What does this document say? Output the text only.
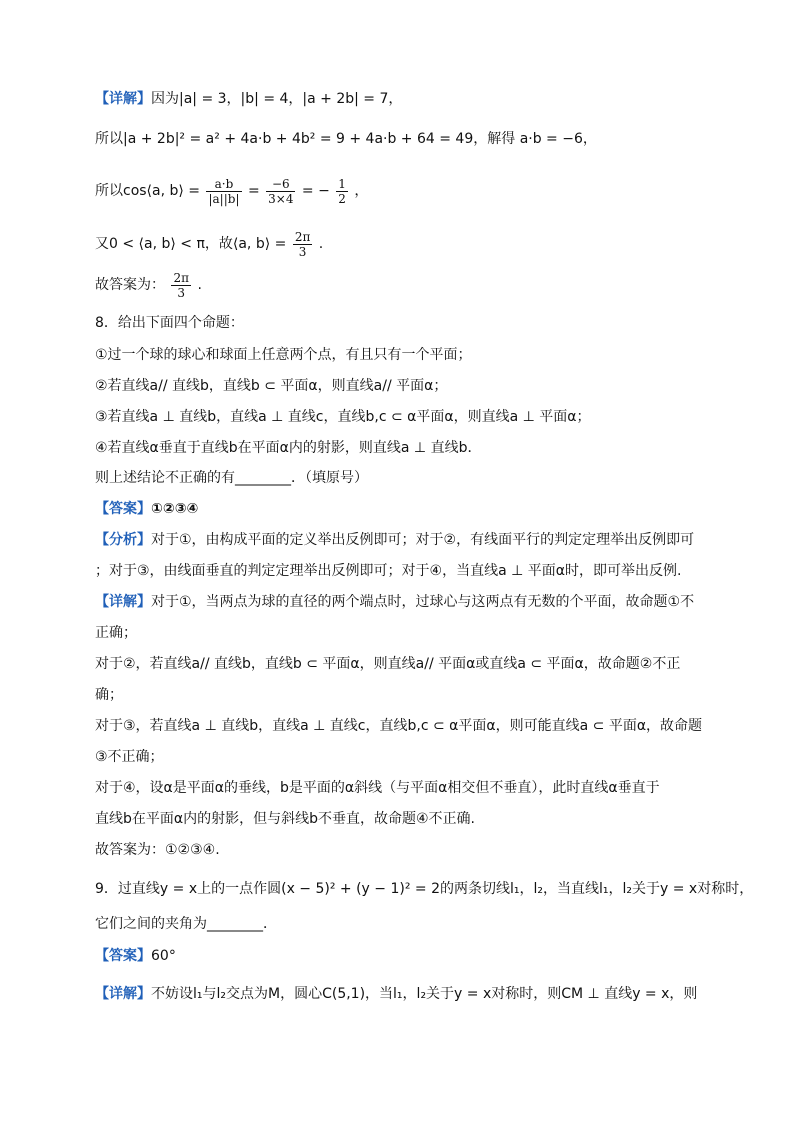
【详解】因为|a| = 3，|b| = 4，|a + 2b| = 7，
所以|a + 2b|² = a² + 4a·b + 4b² = 9 + 4a·b + 64 = 49，解得 a·b = −6，
所以cos⟨a, b⟩ = $\frac{a\cdot b}{|a||b|} = \frac{-6}{3\times 4}$ = − $\frac{1}{2}$ ，
又0 < ⟨a, b⟩ < π，故⟨a, b⟩ = $\frac{2\pi}{3}$ .
故答案为： $\frac{2\pi}{3}$ .
8．给出下面四个命题：
①过一个球的球心和球面上任意两个点，有且只有一个平面；
②若直线a// 直线b，直线b ⊂ 平面α，则直线a// 平面α；
③若直线a ⊥ 直线b，直线a ⊥ 直线c，直线b,c ⊂ α平面α，则直线a ⊥ 平面α；
④若直线α垂直于直线b在平面α内的射影，则直线a ⊥ 直线b．
则上述结论不正确的有________．（填原号）
【答案】①②③④
【分析】对于①，由构成平面的定义举出反例即可；对于②，有线面平行的判定定理举出反例即可
；对于③，由线面垂直的判定定理举出反例即可；对于④，当直线a ⊥ 平面α时，即可举出反例.
【详解】对于①，当两点为球的直径的两个端点时，过球心与这两点有无数的个平面，故命题①不
正确；
对于②，若直线a// 直线b，直线b ⊂ 平面α，则直线a// 平面α或直线a ⊂ 平面α，故命题②不正
确；
对于③，若直线a ⊥ 直线b，直线a ⊥ 直线c，直线b,c ⊂ α平面α，则可能直线a ⊂ 平面α，故命题
③不正确；
对于④，设α是平面α的垂线，b是平面的α斜线（与平面α相交但不垂直），此时直线α垂直于
直线b在平面α内的射影，但与斜线b不垂直，故命题④不正确.
故答案为：①②③④.
9．过直线y = x上的一点作圆(x − 5)² + (y − 1)² = 2的两条切线l₁，l₂，当直线l₁，l₂关于y = x对称时，
它们之间的夹角为________．
【答案】60°
【详解】不妨设l₁与l₂交点为M，圆心C(5,1)，当l₁，l₂关于y = x对称时，则CM ⊥ 直线y = x，则
